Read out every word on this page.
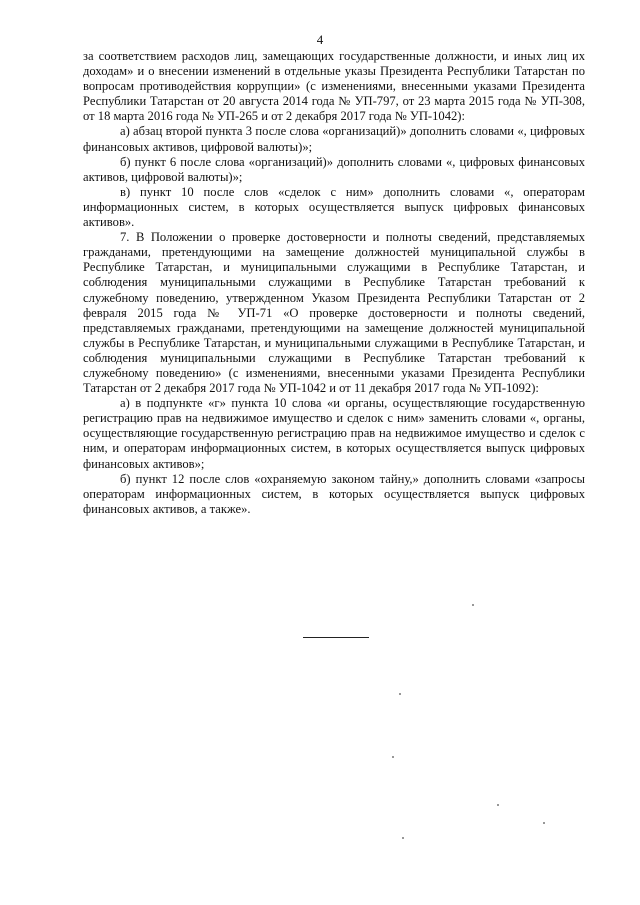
4

за соответствием расходов лиц, замещающих государственные должности, и иных лиц их доходам» и о внесении изменений в отдельные указы Президента Республики Татарстан по вопросам противодействия коррупции» (с изменениями, внесенными указами Президента Республики Татарстан от 20 августа 2014 года № УП-797, от 23 марта 2015 года № УП-308, от 18 марта 2016 года № УП-265 и от 2 декабря 2017 года № УП-1042):

а) абзац второй пункта 3 после слова «организаций)» дополнить словами «, цифровых финансовых активов, цифровой валюты)»;

б) пункт 6 после слова «организаций)» дополнить словами «, цифровых финансовых активов, цифровой валюты)»;

в) пункт 10 после слов «сделок с ним» дополнить словами «, операторам информационных систем, в которых осуществляется выпуск цифровых финансовых активов».

7. В Положении о проверке достоверности и полноты сведений, представляемых гражданами, претендующими на замещение должностей муниципальной службы в Республике Татарстан, и муниципальными служащими в Республике Татарстан, и соблюдения муниципальными служащими в Республике Татарстан требований к служебному поведению, утвержденном Указом Президента Республики Татарстан от 2 февраля 2015 года № УП-71 «О проверке достоверности и полноты сведений, представляемых гражданами, претендующими на замещение должностей муниципальной службы в Республике Татарстан, и муниципальными служащими в Республике Татарстан, и соблюдения муниципальными служащими в Республике Татарстан требований к служебному поведению» (с изменениями, внесенными указами Президента Республики Татарстан от 2 декабря 2017 года № УП-1042 и от 11 декабря 2017 года № УП-1092):

а) в подпункте «г» пункта 10 слова «и органы, осуществляющие государственную регистрацию прав на недвижимое имущество и сделок с ним» заменить словами «, органы, осуществляющие государственную регистрацию прав на недвижимое имущество и сделок с ним, и операторам информационных систем, в которых осуществляется выпуск цифровых финансовых активов»;

б) пункт 12 после слов «охраняемую законом тайну,» дополнить словами «запросы операторам информационных систем, в которых осуществляется выпуск цифровых финансовых активов, а также».
